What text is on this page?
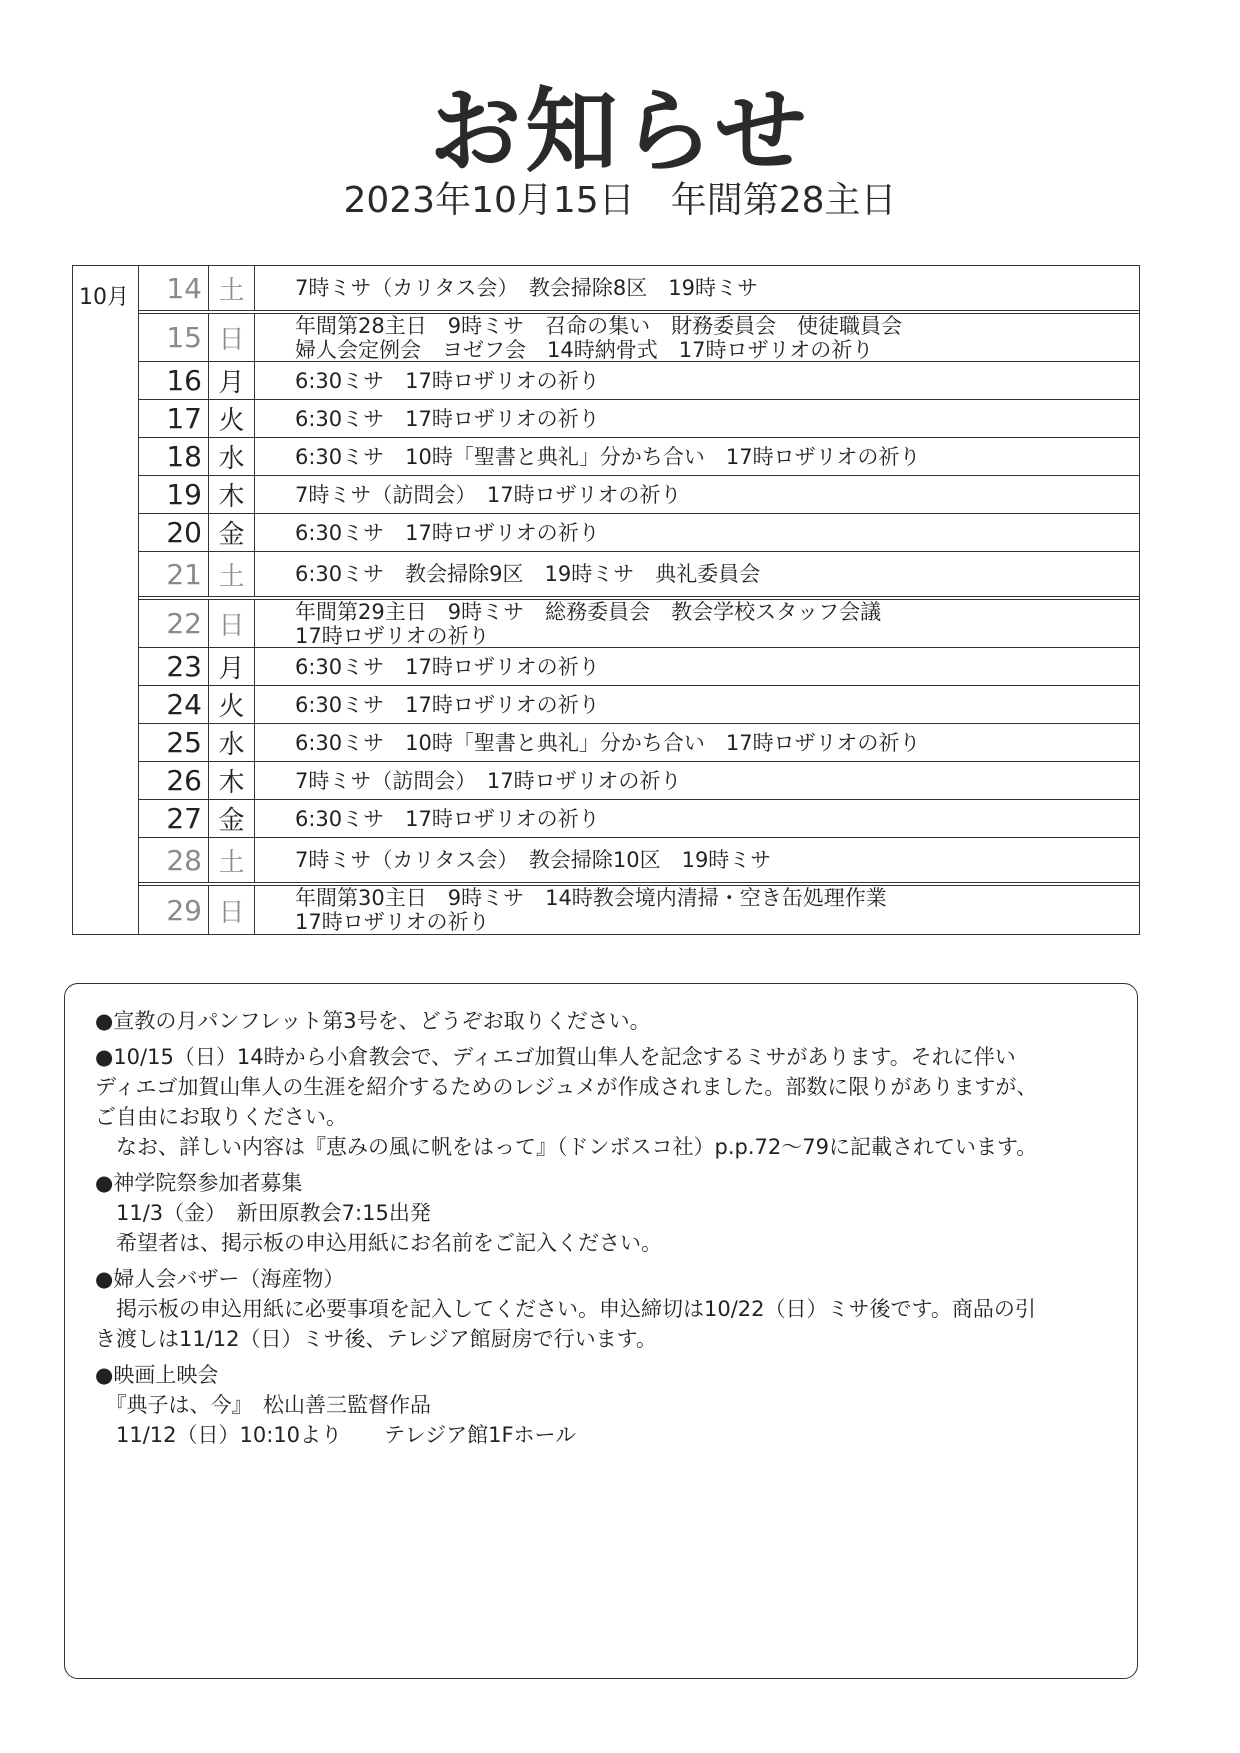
お知らせ
2023年10月15日　年間第28主日
10月	14 土	7時ミサ（カリタス会）　教会掃除8区　19時ミサ
15 日	年間第28主日　9時ミサ　召命の集い　財務委員会　使徒職員会
婦人会定例会　ヨゼフ会　14時納骨式　17時ロザリオの祈り
16 月	6:30ミサ　17時ロザリオの祈り
17 火	6:30ミサ　17時ロザリオの祈り
18 水	6:30ミサ　10時「聖書と典礼」分かち合い　17時ロザリオの祈り
19 木	7時ミサ（訪問会）　17時ロザリオの祈り
20 金	6:30ミサ　17時ロザリオの祈り
21 土	6:30ミサ　教会掃除9区　19時ミサ　典礼委員会
22 日	年間第29主日　9時ミサ　総務委員会　教会学校スタッフ会議
17時ロザリオの祈り
23 月	6:30ミサ　17時ロザリオの祈り
24 火	6:30ミサ　17時ロザリオの祈り
25 水	6:30ミサ　10時「聖書と典礼」分かち合い　17時ロザリオの祈り
26 木	7時ミサ（訪問会）　17時ロザリオの祈り
27 金	6:30ミサ　17時ロザリオの祈り
28 土	7時ミサ（カリタス会）　教会掃除10区　19時ミサ
29 日	年間第30主日　9時ミサ　14時教会境内清掃・空き缶処理作業
17時ロザリオの祈り
●宣教の月パンフレット第3号を、どうぞお取りください。
●10/15（日）14時から小倉教会で、ディエゴ加賀山隼人を記念するミサがあります。それに伴い
ディエゴ加賀山隼人の生涯を紹介するためのレジュメが作成されました。部数に限りがありますが、
ご自由にお取りください。
　なお、詳しい内容は『恵みの風に帆をはって』（ドンボスコ社）p.p.72～79に記載されています。
●神学院祭参加者募集
　11/3（金）　新田原教会7:15出発
　希望者は、掲示板の申込用紙にお名前をご記入ください。
●婦人会バザー（海産物）
　掲示板の申込用紙に必要事項を記入してください。申込締切は10/22（日）ミサ後です。商品の引
き渡しは11/12（日）ミサ後、テレジア館厨房で行います。
●映画上映会
　『典子は、今』　松山善三監督作品
　11/12（日）10:10より　　テレジア館1Fホール
